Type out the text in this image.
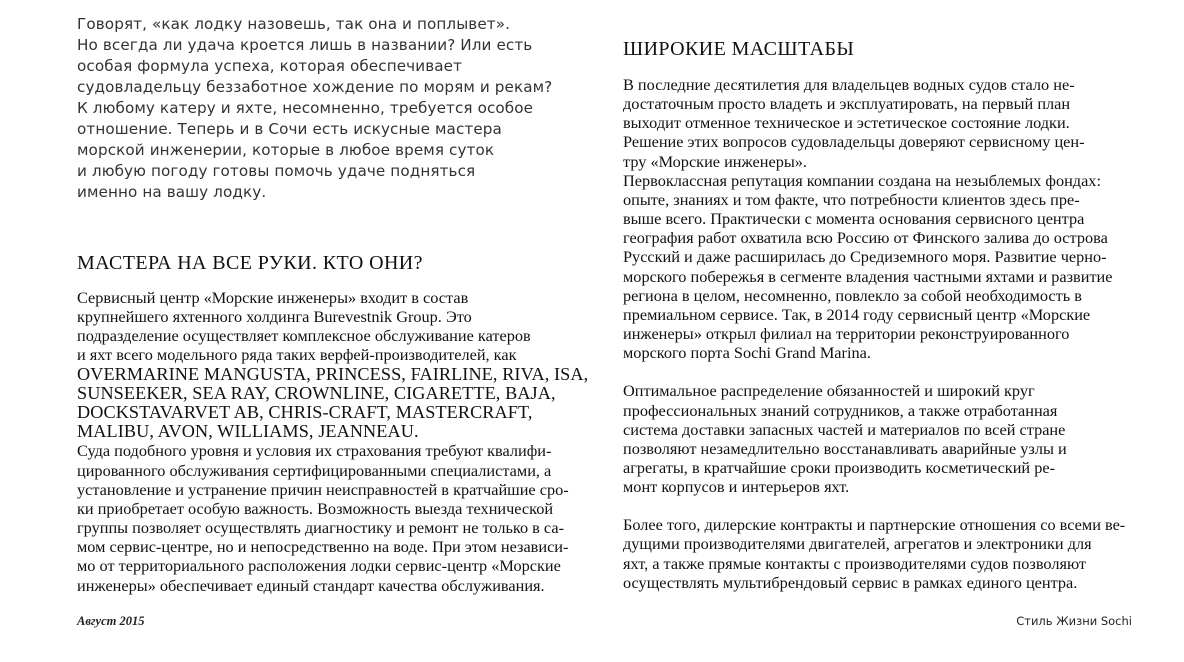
Говорят, «как лодку назовешь, так она и поплывет».
Но всегда ли удача кроется лишь в названии? Или есть
особая формула успеха, которая обеспечивает
судовладельцу беззаботное хождение по морям и рекам?
К любому катеру и яхте, несомненно, требуется особое
отношение. Теперь и в Сочи есть искусные мастера
морской инженерии, которые в любое время суток
и любую погоду готовы помочь удаче подняться
именно на вашу лодку.
МАСТЕРА НА ВСЕ РУКИ. КТО ОНИ?
Сервисный центр «Морские инженеры» входит в состав
крупнейшего яхтенного холдинга Burevestnik Group. Это
подразделение осуществляет комплексное обслуживание катеров
и яхт всего модельного ряда таких верфей-производителей, как
OVERMARINE MANGUSTA, PRINCESS, FAIRLINE, RIVA, ISA,
SUNSEEKER, SEA RAY, CROWNLINE, CIGARETTE, BAJA,
DOCKSTAVARVET AB, CHRIS-CRAFT, MASTERCRAFT,
MALIBU, AVON, WILLIAMS, JEANNEAU.
Суда подобного уровня и условия их страхования требуют квалифи-
цированного обслуживания сертифицированными специалистами, а
установление и устранение причин неисправностей в кратчайшие сро-
ки приобретает особую важность. Возможность выезда технической
группы позволяет осуществлять диагностику и ремонт не только в са-
мом сервис-центре, но и непосредственно на воде. При этом независи-
мо от территориального расположения лодки сервис-центр «Морские
инженеры» обеспечивает единый стандарт качества обслуживания.
ШИРОКИЕ МАСШТАБЫ
В последние десятилетия для владельцев водных судов стало не-
достаточным просто владеть и эксплуатировать, на первый план
выходит отменное техническое и эстетическое состояние лодки.
Решение этих вопросов судовладельцы доверяют сервисному цен-
тру «Морские инженеры».
Первоклассная репутация компании создана на незыблемых фондах:
опыте, знаниях и том факте, что потребности клиентов здесь пре-
выше всего. Практически с момента основания сервисного центра
география работ охватила всю Россию от Финского залива до острова
Русский и даже расширилась до Средиземного моря. Развитие черно-
морского побережья в сегменте владения частными яхтами и развитие
региона в целом, несомненно, повлекло за собой необходимость в
премиальном сервисе. Так, в 2014 году сервисный центр «Морские
инженеры» открыл филиал на территории реконструированного
морского порта Sochi Grand Marina.
Оптимальное распределение обязанностей и широкий круг
профессиональных знаний сотрудников, а также отработанная
система доставки запасных частей и материалов по всей стране
позволяют незамедлительно восстанавливать аварийные узлы и
агрегаты, в кратчайшие сроки производить косметический ре-
монт корпусов и интерьеров яхт.
Более того, дилерские контракты и партнерские отношения со всеми ве-
дущими производителями двигателей, агрегатов и электроники для
яхт, а также прямые контакты с производителями судов позволяют
осуществлять мультибрендовый сервис в рамках единого центра.
Август 2015	Стиль Жизни Sochi
